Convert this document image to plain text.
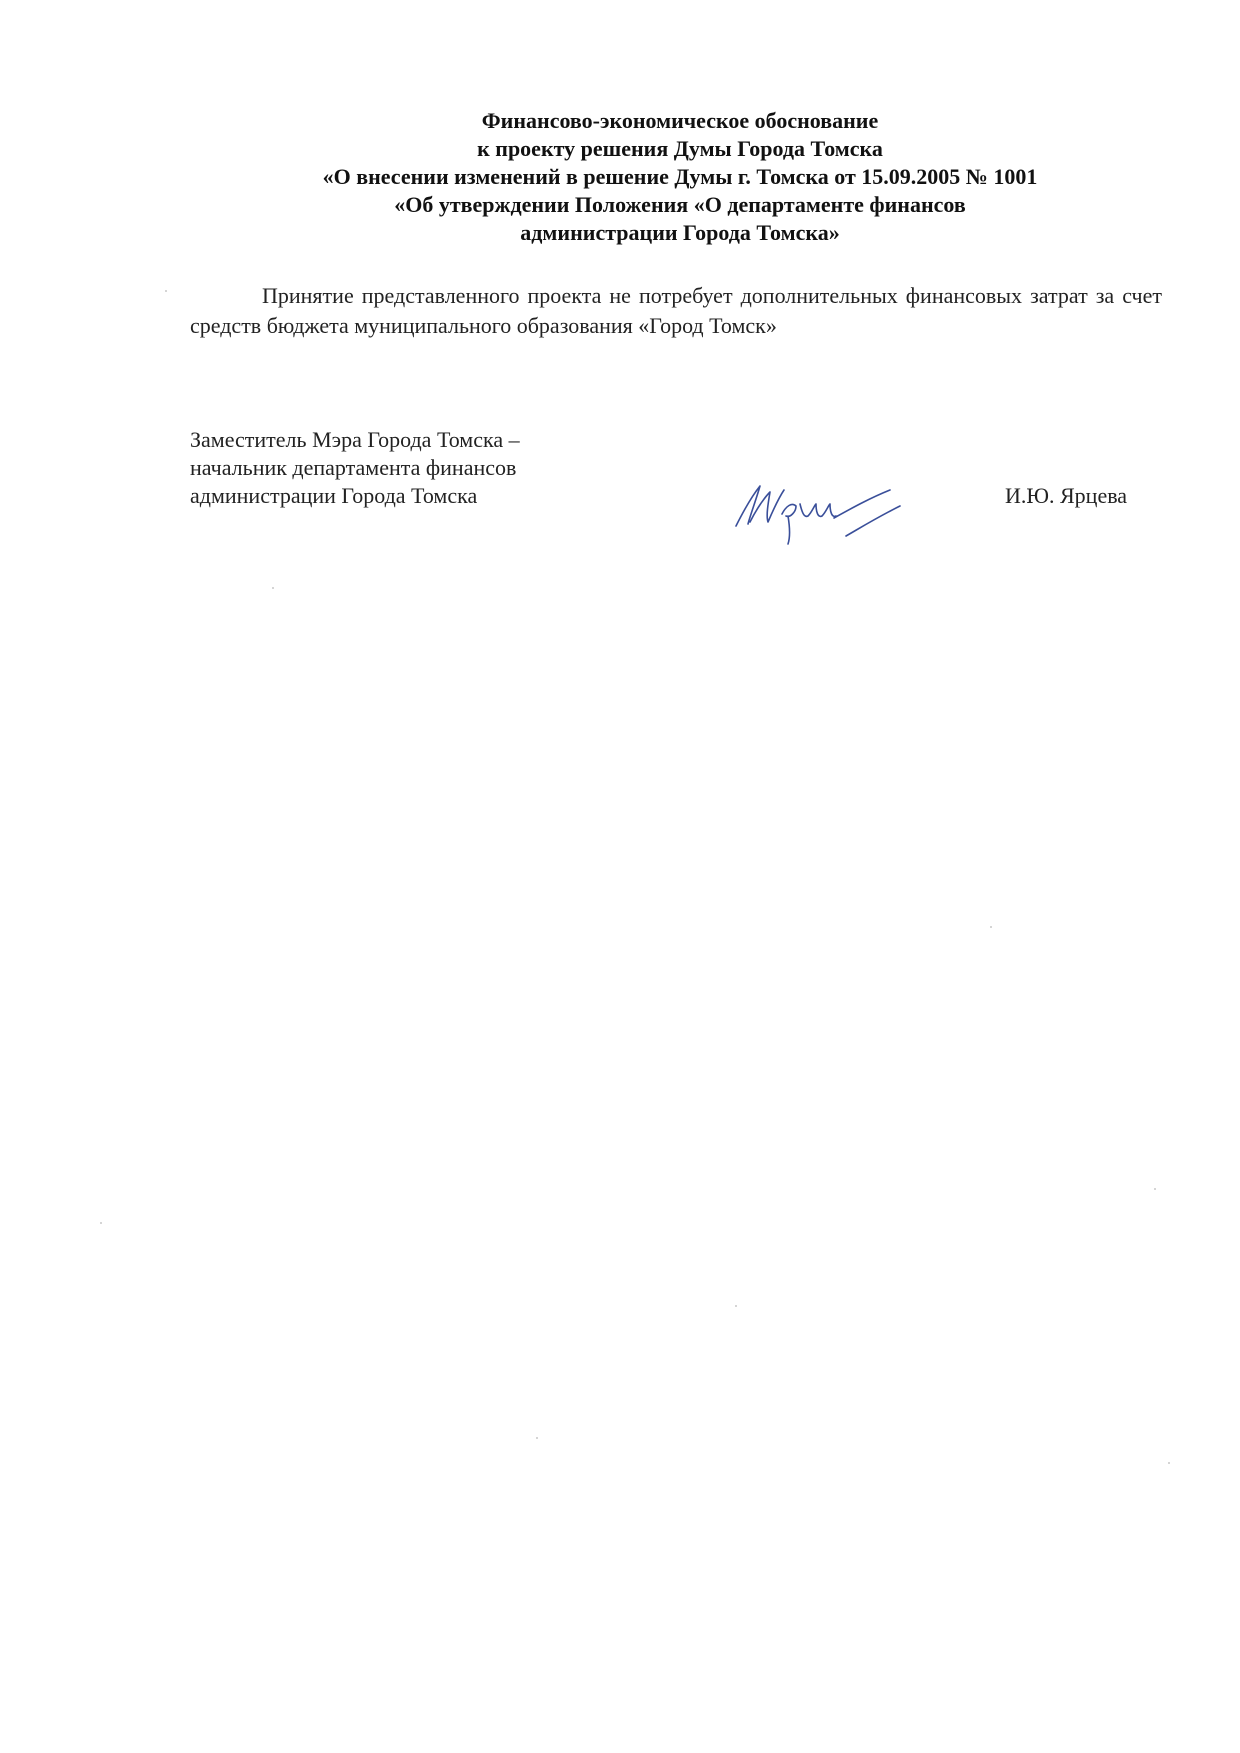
Финансово-экономическое обоснование
к проекту решения Думы Города Томска
«О внесении изменений в решение Думы г. Томска от 15.09.2005 № 1001
«Об утверждении Положения «О департаменте финансов
администрации Города Томска»
Принятие представленного проекта не потребует дополнительных финансовых затрат за счет средств бюджета муниципального образования «Город Томск»
Заместитель Мэра Города Томска –
начальник департамента финансов
администрации Города Томска	И.Ю. Ярцева
